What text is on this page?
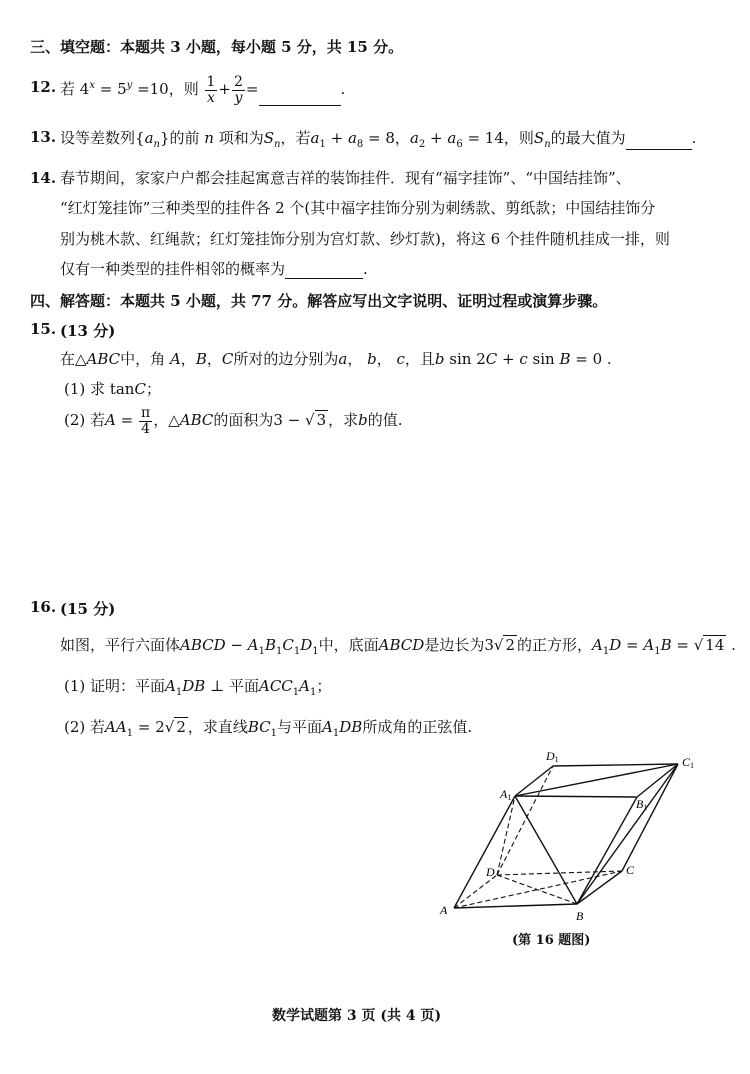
三、填空题：本题共 3 小题，每小题 5 分，共 15 分。
12. 若 $4^x = 5^y =10$，则 $\frac{1}{x} + \frac{2}{y}$ =	.
13. 设等差数列$\{a_n\}$的前 n 项和为$S_n$，若$a_1 + a_8 = 8$，$a_2 + a_6 = 14$，则$S_n$的最大值为	.
14. 春节期间，家家户户都会挂起寓意吉祥的装饰挂件．现有“福字挂饰”、“中国结挂饰”、
“红灯笼挂饰”三种类型的挂件各 2 个(其中福字挂饰分别为刺绣款、剪纸款；中国结挂饰分
别为桃木款、红绳款；红灯笼挂饰分别为宫灯款、纱灯款)，将这 6 个挂件随机挂成一排，则
仅有一种类型的挂件相邻的概率为	.
四、解答题：本题共 5 小题，共 77 分。解答应写出文字说明、证明过程或演算步骤。
15. (13 分)
在△ABC中，角 A，B，C所对的边分别为a， b， c，且b sin 2C + c sin B = 0 .
(1) 求 tanC；
(2) 若$A = \frac{\pi}{4}$ ，△ABC的面积为3 − √ 3 ，求b的值.
16. (15 分)
如图，平行六面体ABCD − $A_1B_1C_1D_1$中，底面ABCD是边长为3√ 2 的正方形，$A_1D = A_1B$ = √ 14 .
(1) 证明：平面$A_1DB$ ⊥ 平面$ACC_1A_1$；
(2) 若$AA_1 = 2√$ 2 ，求直线$BC_1$与平面$A_1DB$所成角的正弦值.
A	B
C
D
A1	B1
C1
D1
(第 16 题图)
数学试题第 3 页 (共 4 页)
